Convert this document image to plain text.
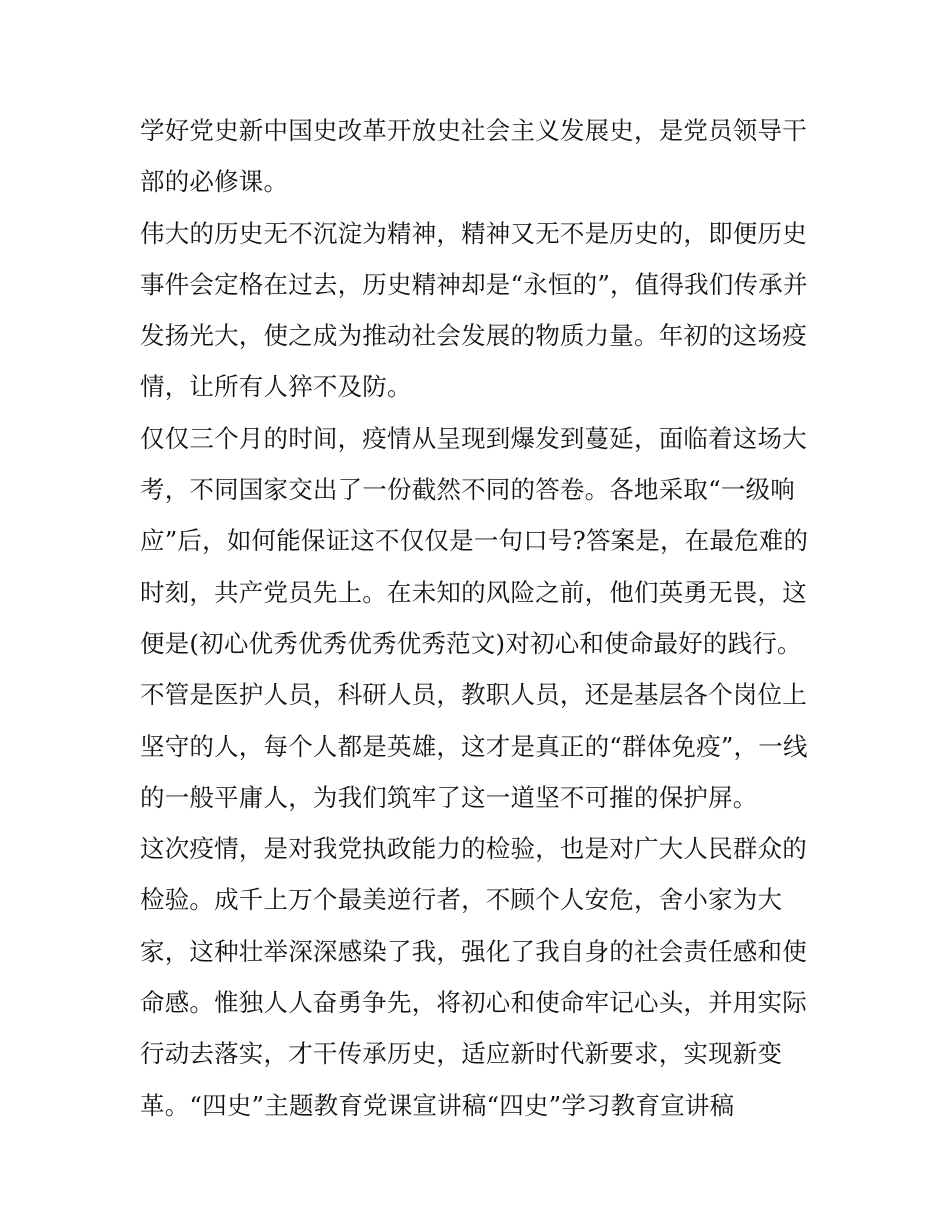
学好党史新中国史改革开放史社会主义发展史，是党员领导干部的必修课。

伟大的历史无不沉淀为精神，精神又无不是历史的，即便历史事件会定格在过去，历史精神却是“永恒的”，值得我们传承并发扬光大，使之成为推动社会发展的物质力量。年初的这场疫情，让所有人猝不及防。

仅仅三个月的时间，疫情从呈现到爆发到蔓延，面临着这场大考，不同国家交出了一份截然不同的答卷。各地采取“一级响应”后，如何能保证这不仅仅是一句口号?答案是，在最危难的时刻，共产党员先上。在未知的风险之前，他们英勇无畏，这便是(初心优秀优秀优秀优秀范文)对初心和使命最好的践行。

不管是医护人员，科研人员，教职人员，还是基层各个岗位上坚守的人，每个人都是英雄，这才是真正的“群体免疫”，一线的一般平庸人，为我们筑牢了这一道坚不可摧的保护屏。

这次疫情，是对我党执政能力的检验，也是对广大人民群众的检验。成千上万个最美逆行者，不顾个人安危，舍小家为大家，这种壮举深深感染了我，强化了我自身的社会责任感和使命感。惟独人人奋勇争先，将初心和使命牢记心头，并用实际行动去落实，才干传承历史，适应新时代新要求，实现新变革。“四史”主题教育党课宣讲稿“四史”学习教育宣讲稿
